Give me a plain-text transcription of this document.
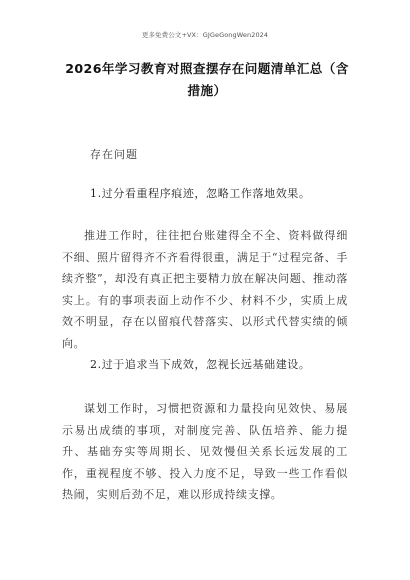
更多免费公文+VX：GJGeGongWen2024
2026年学习教育对照查摆存在问题清单汇总（含措施）
存在问题
1.过分看重程序痕迹，忽略工作落地效果。
推进工作时，往往把台账建得全不全、资料做得细不细、照片留得齐不齐看得很重，满足于“过程完备、手续齐整”，却没有真正把主要精力放在解决问题、推动落实上。有的事项表面上动作不少、材料不少，实质上成效不明显，存在以留痕代替落实、以形式代替实绩的倾向。
2.过于追求当下成效，忽视长远基础建设。
谋划工作时，习惯把资源和力量投向见效快、易展示易出成绩的事项，对制度完善、队伍培养、能力提升、基础夯实等周期长、见效慢但关系长远发展的工作，重视程度不够、投入力度不足，导致一些工作看似热闹，实则后劲不足，难以形成持续支撑。
